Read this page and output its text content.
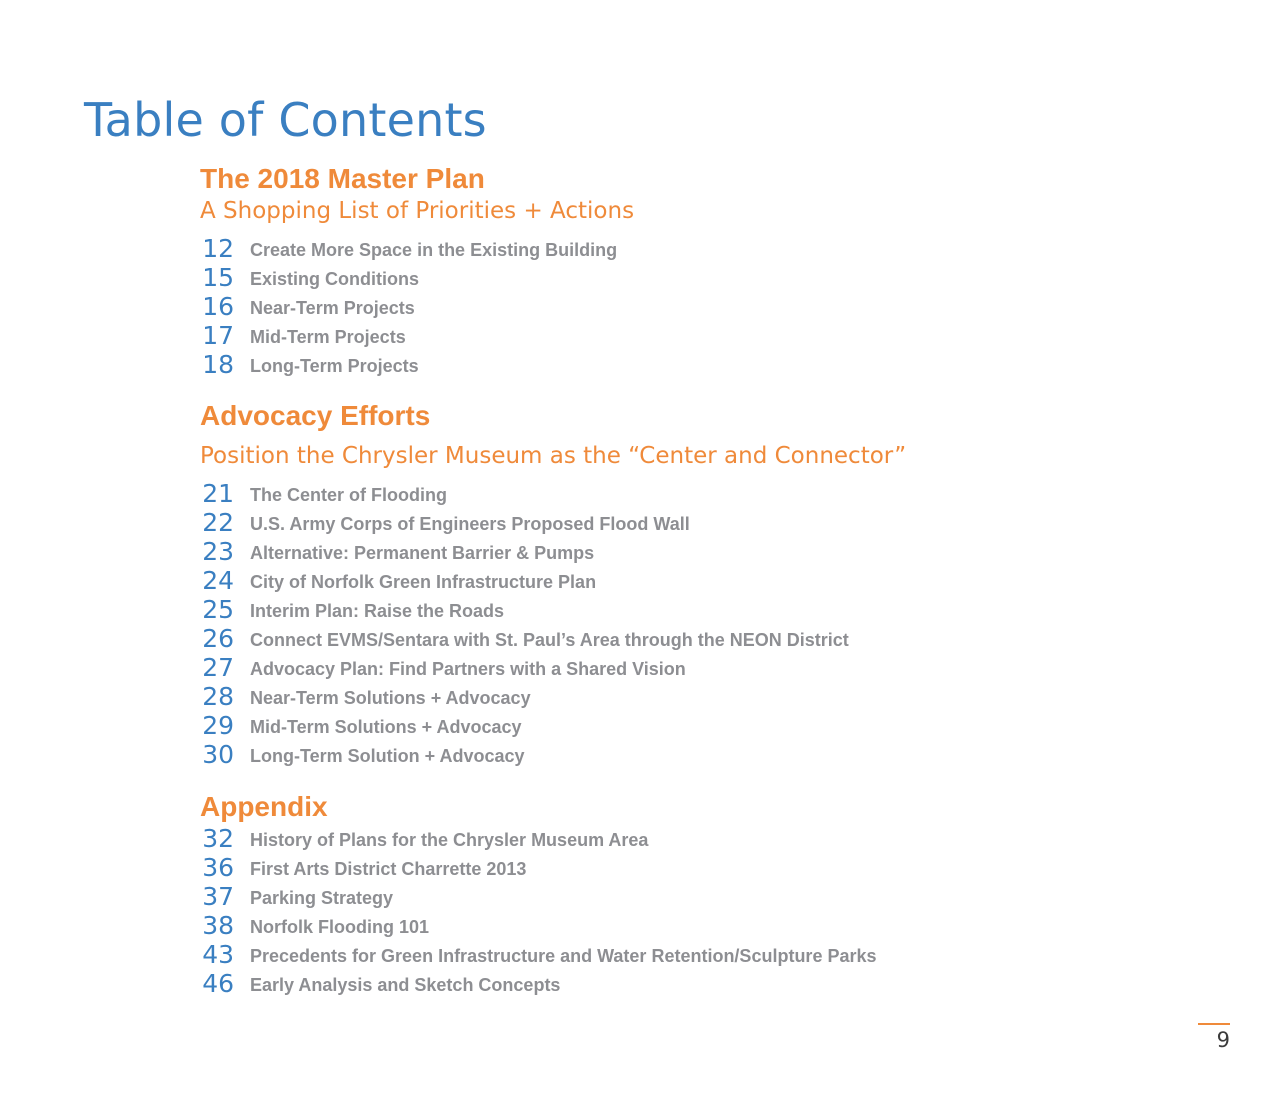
Table of Contents
The 2018 Master Plan

A Shopping List of Priorities + Actions

12 Create More Space in the Existing Building
15 Existing Conditions
16 Near-Term Projects
17 Mid-Term Projects
18 Long-Term Projects
Advocacy Efforts

Position the Chrysler Museum as the “Center and Connector”

21 The Center of Flooding
22 U.S. Army Corps of Engineers Proposed Flood Wall
23 Alternative: Permanent Barrier & Pumps
24 City of Norfolk Green Infrastructure Plan
25 Interim Plan: Raise the Roads
26 Connect EVMS/Sentara with St. Paul’s Area through the NEON District
27 Advocacy Plan: Find Partners with a Shared Vision
28 Near-Term Solutions + Advocacy
29 Mid-Term Solutions + Advocacy
30 Long-Term Solution + Advocacy
Appendix
32 History of Plans for the Chrysler Museum Area
36 First Arts District Charrette 2013
37 Parking Strategy
38 Norfolk Flooding 101
43 Precedents for Green Infrastructure and Water Retention/Sculpture Parks
46 Early Analysis and Sketch Concepts
9
